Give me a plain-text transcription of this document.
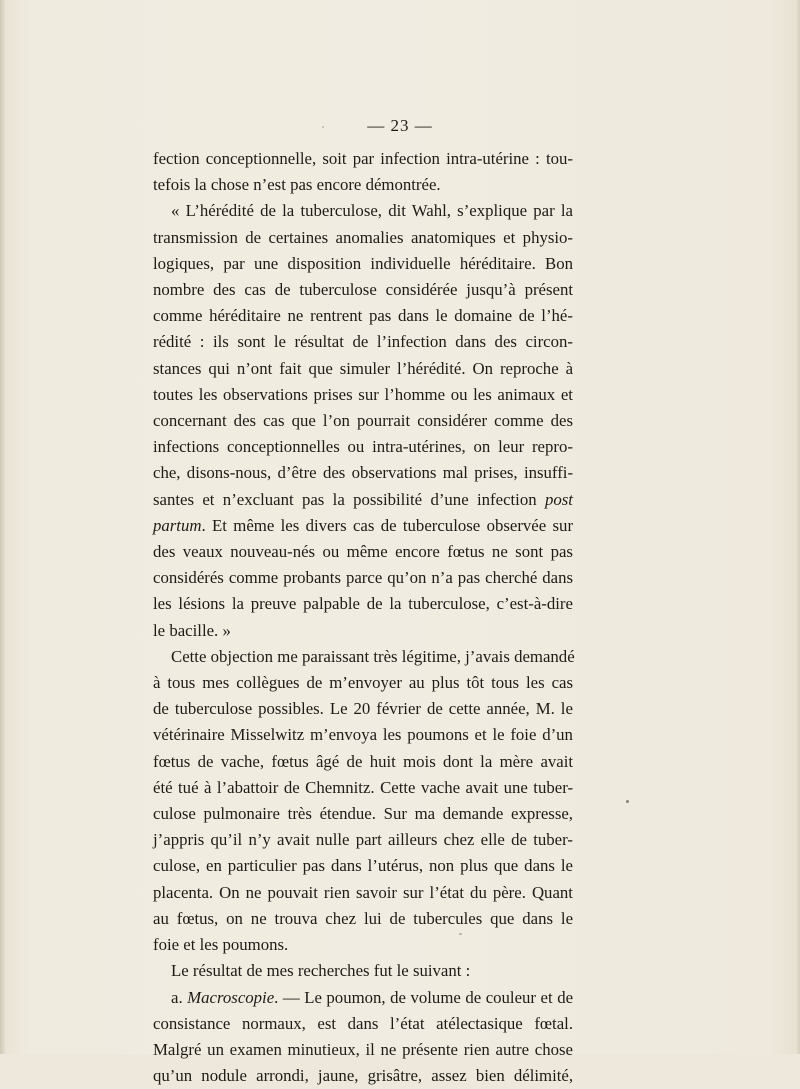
— 23 —
fection conceptionnelle, soit par infection intra-utérine : tou-
tefois la chose n’est pas encore démontrée.
« L’hérédité de la tuberculose, dit Wahl, s’explique par la
transmission de certaines anomalies anatomiques et physio-
logiques, par une disposition individuelle héréditaire. Bon
nombre des cas de tuberculose considérée jusqu’à présent
comme héréditaire ne rentrent pas dans le domaine de l’hé-
rédité : ils sont le résultat de l’infection dans des circon-
stances qui n’ont fait que simuler l’hérédité. On reproche à
toutes les observations prises sur l’homme ou les animaux et
concernant des cas que l’on pourrait considérer comme des
infections conceptionnelles ou intra-utérines, on leur repro-
che, disons-nous, d’être des observations mal prises, insuffi-
santes et n’excluant pas la possibilité d’une infection post
partum. Et même les divers cas de tuberculose observée sur
des veaux nouveau-nés ou même encore fœtus ne sont pas
considérés comme probants parce qu’on n’a pas cherché dans
les lésions la preuve palpable de la tuberculose, c’est-à-dire
le bacille. »
Cette objection me paraissant très légitime, j’avais demandé
à tous mes collègues de m’envoyer au plus tôt tous les cas
de tuberculose possibles. Le 20 février de cette année, M. le
vétérinaire Misselwitz m’envoya les poumons et le foie d’un
fœtus de vache, fœtus âgé de huit mois dont la mère avait
été tué à l’abattoir de Chemnitz. Cette vache avait une tuber-
culose pulmonaire très étendue. Sur ma demande expresse,
j’appris qu’il n’y avait nulle part ailleurs chez elle de tuber-
culose, en particulier pas dans l’utérus, non plus que dans le
placenta. On ne pouvait rien savoir sur l’état du père. Quant
au fœtus, on ne trouva chez lui de tubercules que dans le
foie et les poumons.
Le résultat de mes recherches fut le suivant :
a. Macroscopie. — Le poumon, de volume de couleur et de
consistance normaux, est dans l’état atélectasique fœtal.
Malgré un examen minutieux, il ne présente rien autre chose
qu’un nodule arrondi, jaune, grisâtre, assez bien délimité,
